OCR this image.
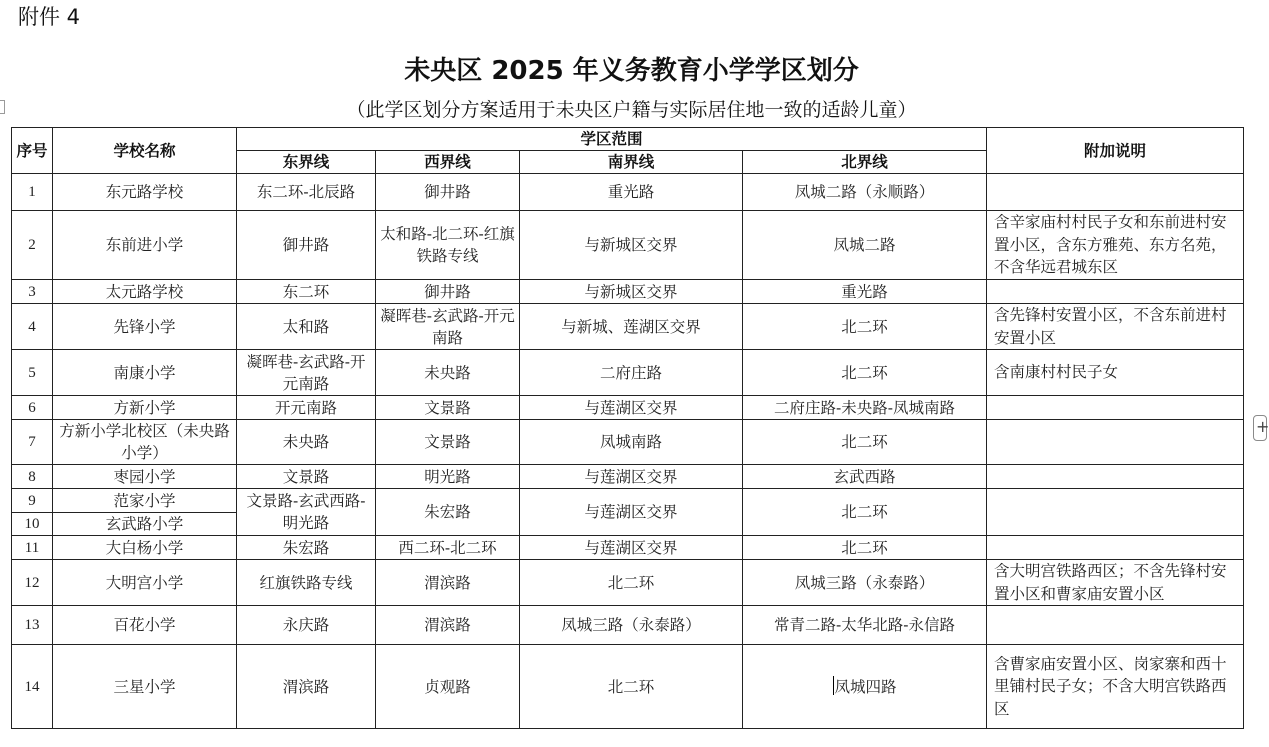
附件 4
未央区 2025 年义务教育小学学区划分
（此学区划分方案适用于未央区户籍与实际居住地一致的适龄儿童）
+
序号	学校名称	学区范围				附加说明
		东界线	西界线	南界线	北界线	
1	东元路学校	东二环-北辰路	御井路	重光路	凤城二路（永顺路）	
2	东前进小学	御井路	太和路-北二环-红旗铁路专线	与新城区交界	凤城二路	含辛家庙村村民子女和东前进村安置小区，含东方雅苑、东方名苑，不含华远君城东区
3	太元路学校	东二环	御井路	与新城区交界	重光路	
4	先锋小学	太和路	凝晖巷-玄武路-开元南路	与新城、莲湖区交界	北二环	含先锋村安置小区，不含东前进村安置小区
5	南康小学	凝晖巷-玄武路-开元南路	未央路	二府庄路	北二环	含南康村村民子女
6	方新小学	开元南路	文景路	与莲湖区交界	二府庄路-未央路-凤城南路	
7	方新小学北校区（未央路小学）	未央路	文景路	凤城南路	北二环	
8	枣园小学	文景路	明光路	与莲湖区交界	玄武西路	
9	范家小学	文景路-玄武西路-明光路	朱宏路	与莲湖区交界	北二环	
10	玄武路小学					
11	大白杨小学	朱宏路	西二环-北二环	与莲湖区交界	北二环	
12	大明宫小学	红旗铁路专线	渭滨路	北二环	凤城三路（永泰路）	含大明宫铁路西区；不含先锋村安置小区和曹家庙安置小区
13	百花小学	永庆路	渭滨路	凤城三路（永泰路）	常青二路-太华北路-永信路	
14	三星小学	渭滨路	贞观路	北二环	凤城四路	含曹家庙安置小区、岗家寨和西十里铺村民子女；不含大明宫铁路西区
